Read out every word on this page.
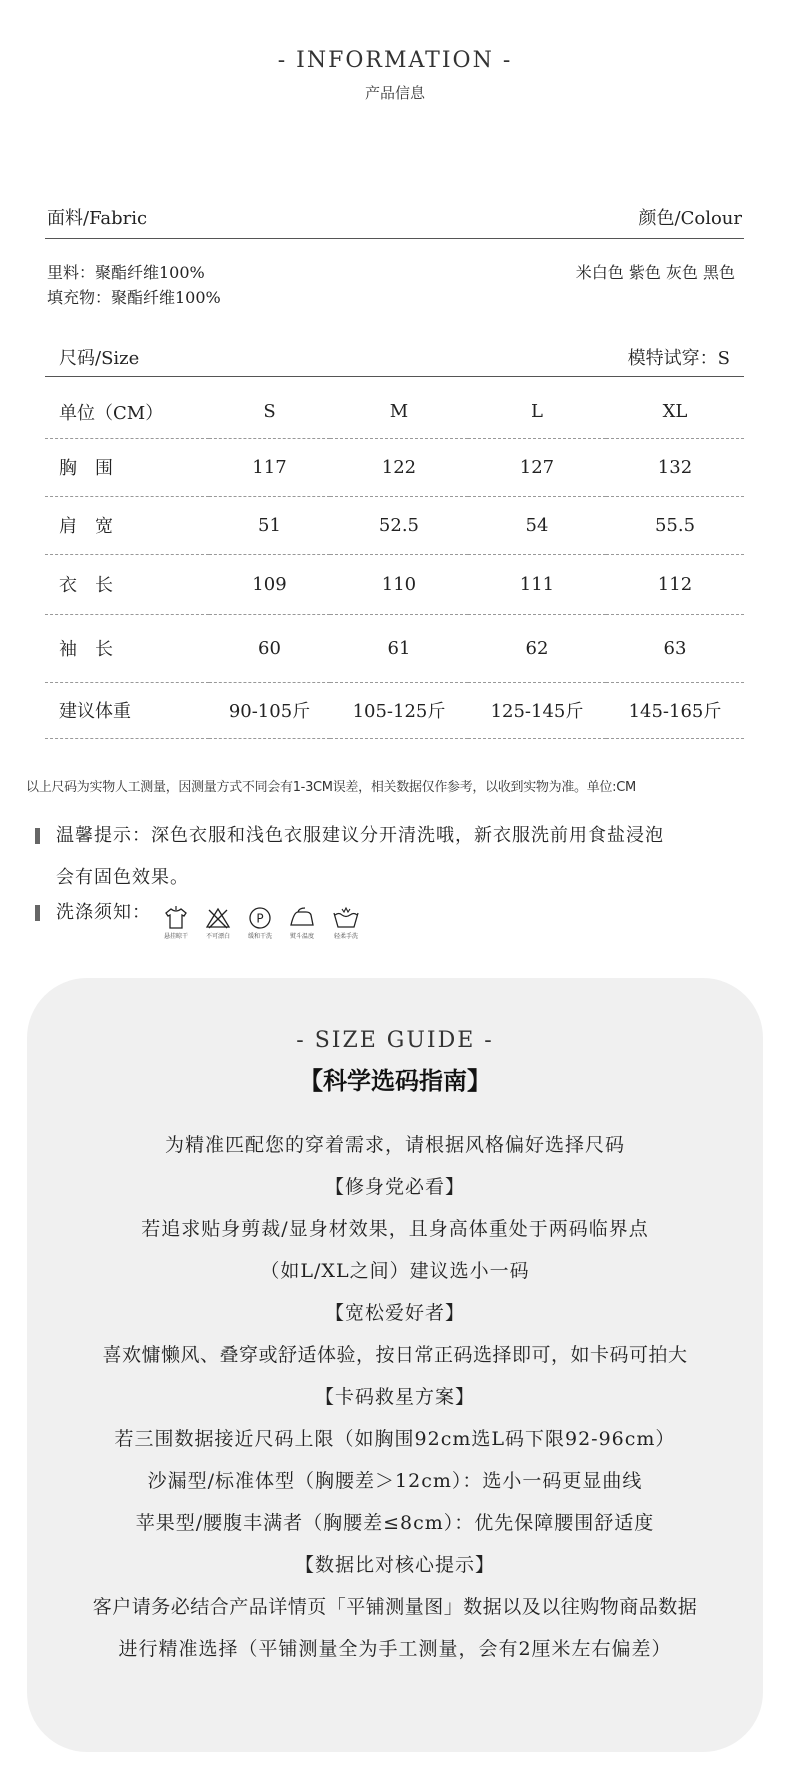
- INFORMATION -
产品信息
面料/Fabric	颜色/Colour
里料：聚酯纤维100%	米白色 紫色 灰色 黑色
填充物：聚酯纤维100%
尺码/Size	模特试穿：S
单位（CM）	S	M	L	XL
胸　围	117	122	127	132
肩　宽	51	52.5	54	55.5
衣　长	109	110	111	112
袖　长	60	61	62	63
建议体重	90-105斤	105-125斤	125-145斤	145-165斤
以上尺码为实物人工测量，因测量方式不同会有1-3CM误差，相关数据仅作参考，以收到实物为准。单位:CM
温馨提示：深色衣服和浅色衣服建议分开清洗哦，新衣服洗前用食盐浸泡
会有固色效果。
洗涤须知：
悬挂晾干	不可漂白
P
缓和干洗	熨斗温度	轻柔手洗
- SIZE GUIDE -
【科学选码指南】
为精准匹配您的穿着需求，请根据风格偏好选择尺码
【修身党必看】
若追求贴身剪裁/显身材效果，且身高体重处于两码临界点
（如L/XL之间）建议选小一码
【宽松爱好者】
喜欢慵懒风、叠穿或舒适体验，按日常正码选择即可，如卡码可拍大
【卡码救星方案】
若三围数据接近尺码上限（如胸围92cm选L码下限92-96cm）
沙漏型/标准体型（胸腰差＞12cm）：选小一码更显曲线
苹果型/腰腹丰满者（胸腰差≤8cm）：优先保障腰围舒适度
【数据比对核心提示】
客户请务必结合产品详情页「平铺测量图」数据以及以往购物商品数据
进行精准选择（平铺测量全为手工测量，会有2厘米左右偏差）
